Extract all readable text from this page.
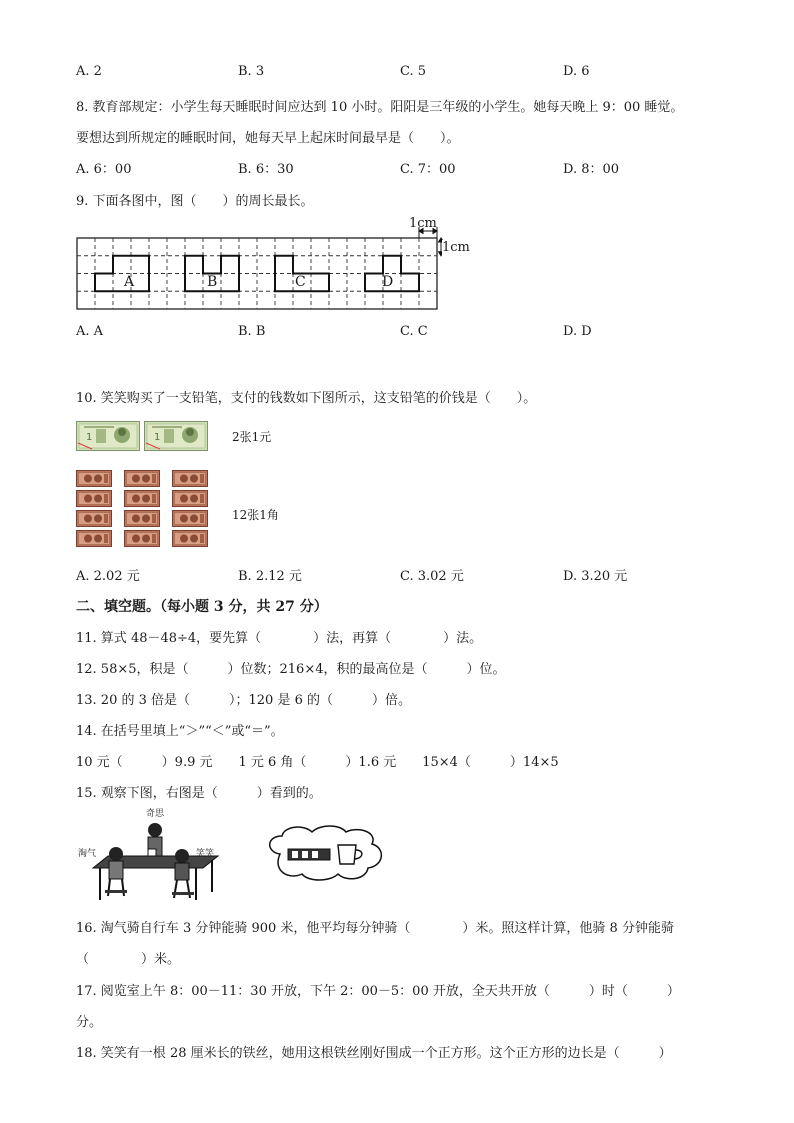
A. 2	B. 3	C. 5	D. 6
8. 教育部规定：小学生每天睡眠时间应达到 10 小时。阳阳是三年级的小学生。她每天晚上 9：00 睡觉。
要想达到所规定的睡眠时间，她每天早上起床时间最早是（　　）。
A. 6：00	B. 6：30	C. 7：00	D. 8：00
9. 下面各图中，图（　　）的周长最长。
A	B	C	D
1cm
1cm
A. A	B. B	C. C	D. D
10. 笑笑购买了一支铅笔，支付的钱数如下图所示，这支铅笔的价钱是（　　）。
1	1	2张1元
12张1角
A. 2.02 元	B. 2.12 元	C. 3.02 元	D. 3.20 元
二、填空题。（每小题 3 分，共 27 分）
11. 算式 48－48÷4，要先算（　　　　）法，再算（　　　　）法。
12. 58×5，积是（　　　）位数；216×4，积的最高位是（　　　）位。
13. 20 的 3 倍是（　　　）；120 是 6 的（　　　）倍。
14. 在括号里填上“＞”“＜”或“＝”。
10 元（　　　）9.9 元　　1 元 6 角（　　　）1.6 元　　15×4（　　　）14×5
15. 观察下图，右图是（　　　）看到的。
奇思
淘气	笑笑
16. 淘气骑自行车 3 分钟能骑 900 米，他平均每分钟骑（　　　　）米。照这样计算，他骑 8 分钟能骑
（　　　　）米。
17. 阅览室上午 8：00－11：30 开放，下午 2：00－5：00 开放，全天共开放（　　　）时（　　　）
分。
18. 笑笑有一根 28 厘米长的铁丝，她用这根铁丝刚好围成一个正方形。这个正方形的边长是（　　　）
